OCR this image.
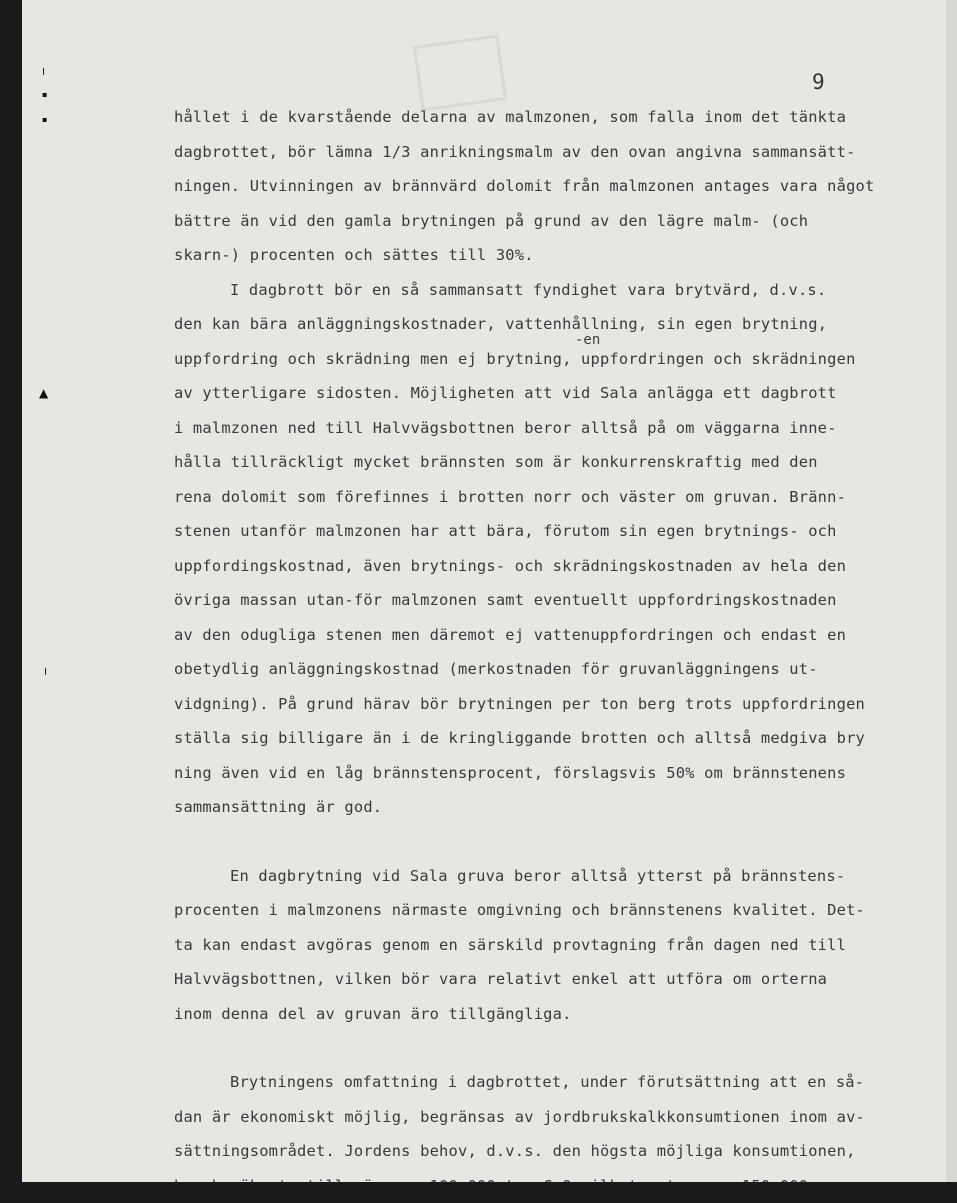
╵
▪
▪
▲
╵
9
-en
hållet i de kvarstående delarna av malmzonen, som falla inom det tänkta
dagbrottet, bör lämna 1/3 anrikningsmalm av den ovan angivna sammansätt-
ningen. Utvinningen av brännvärd dolomit från malmzonen antages vara något
bättre än vid den gamla brytningen på grund av den lägre malm- (och
skarn-) procenten och sättes till 30%.
I dagbrott bör en så sammansatt fyndighet vara brytvärd, d.v.s.
den kan bära anläggningskostnader, vattenhållning, sin egen brytning,
uppfordring och skrädning men ej brytning, uppfordringen och skrädningen
av ytterligare sidosten. Möjligheten att vid Sala anlägga ett dagbrott
i malmzonen ned till Halvvägsbottnen beror alltså på om väggarna inne-
hålla tillräckligt mycket brännsten som är konkurrenskraftig med den
rena dolomit som förefinnes i brotten norr och väster om gruvan. Bränn-
stenen utanför malmzonen har att bära, förutom sin egen brytnings- och
uppfordingskostnad, även brytnings- och skrädningskostnaden av hela den
övriga massan utan-för malmzonen samt eventuellt uppfordringskostnaden
av den odugliga stenen men däremot ej vattenuppfordringen och endast en
obetydlig anläggningskostnad (merkostnaden för gruvanläggningens ut-
vidgning). På grund härav bör brytningen per ton berg trots uppfordringen
ställa sig billigare än i de kringliggande brotten och alltså medgiva bry
ning även vid en låg brännstensprocent, förslagsvis 50% om brännstenens
sammansättning är god.
En dagbrytning vid Sala gruva beror alltså ytterst på brännstens-
procenten i malmzonens närmaste omgivning och brännstenens kvalitet. Det-
ta kan endast avgöras genom en särskild provtagning från dagen ned till
Halvvägsbottnen, vilken bör vara relativt enkel att utföra om orterna
inom denna del av gruvan äro tillgängliga.
Brytningens omfattning i dagbrottet, under förutsättning att en så-
dan är ekonomiskt möjlig, begränsas av jordbrukskalkkonsumtionen inom av-
sättningsområdet. Jordens behov, d.v.s. den högsta möjliga konsumtionen,
